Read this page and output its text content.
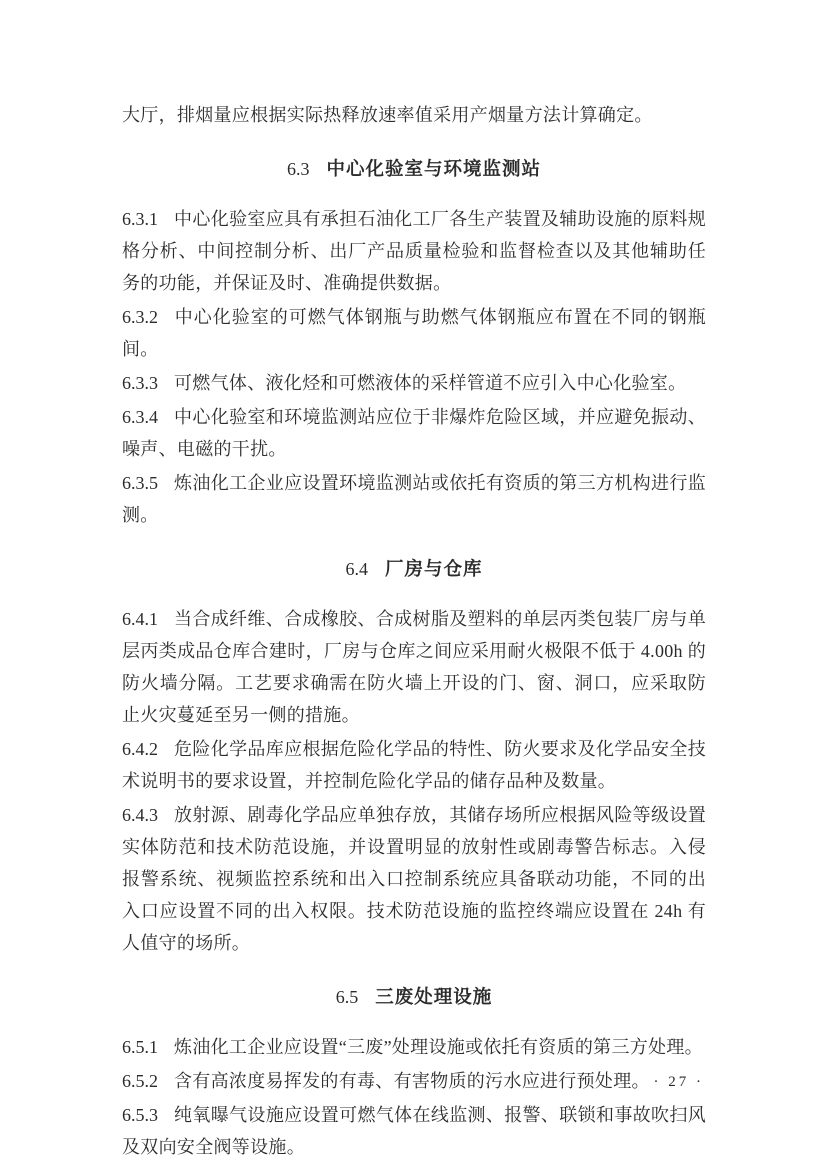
大厅，排烟量应根据实际热释放速率值采用产烟量方法计算确定。

6.3 中心化验室与环境监测站

6.3.1 中心化验室应具有承担石油化工厂各生产装置及辅助设施的原料规格分析、中间控制分析、出厂产品质量检验和监督检查以及其他辅助任务的功能，并保证及时、准确提供数据。

6.3.2 中心化验室的可燃气体钢瓶与助燃气体钢瓶应布置在不同的钢瓶间。

6.3.3 可燃气体、液化烃和可燃液体的采样管道不应引入中心化验室。

6.3.4 中心化验室和环境监测站应位于非爆炸危险区域，并应避免振动、噪声、电磁的干扰。

6.3.5 炼油化工企业应设置环境监测站或依托有资质的第三方机构进行监测。

6.4 厂房与仓库

6.4.1 当合成纤维、合成橡胶、合成树脂及塑料的单层丙类包装厂房与单层丙类成品仓库合建时，厂房与仓库之间应采用耐火极限不低于 4.00h 的防火墙分隔。工艺要求确需在防火墙上开设的门、窗、洞口，应采取防止火灾蔓延至另一侧的措施。

6.4.2 危险化学品库应根据危险化学品的特性、防火要求及化学品安全技术说明书的要求设置，并控制危险化学品的储存品种及数量。

6.4.3 放射源、剧毒化学品应单独存放，其储存场所应根据风险等级设置实体防范和技术防范设施，并设置明显的放射性或剧毒警告标志。入侵报警系统、视频监控系统和出入口控制系统应具备联动功能，不同的出入口应设置不同的出入权限。技术防范设施的监控终端应设置在 24h 有人值守的场所。

6.5 三废处理设施

6.5.1 炼油化工企业应设置“三废”处理设施或依托有资质的第三方处理。

6.5.2 含有高浓度易挥发的有毒、有害物质的污水应进行预处理。

6.5.3 纯氧曝气设施应设置可燃气体在线监测、报警、联锁和事故吹扫风及双向安全阀等设施。

· 27 ·
